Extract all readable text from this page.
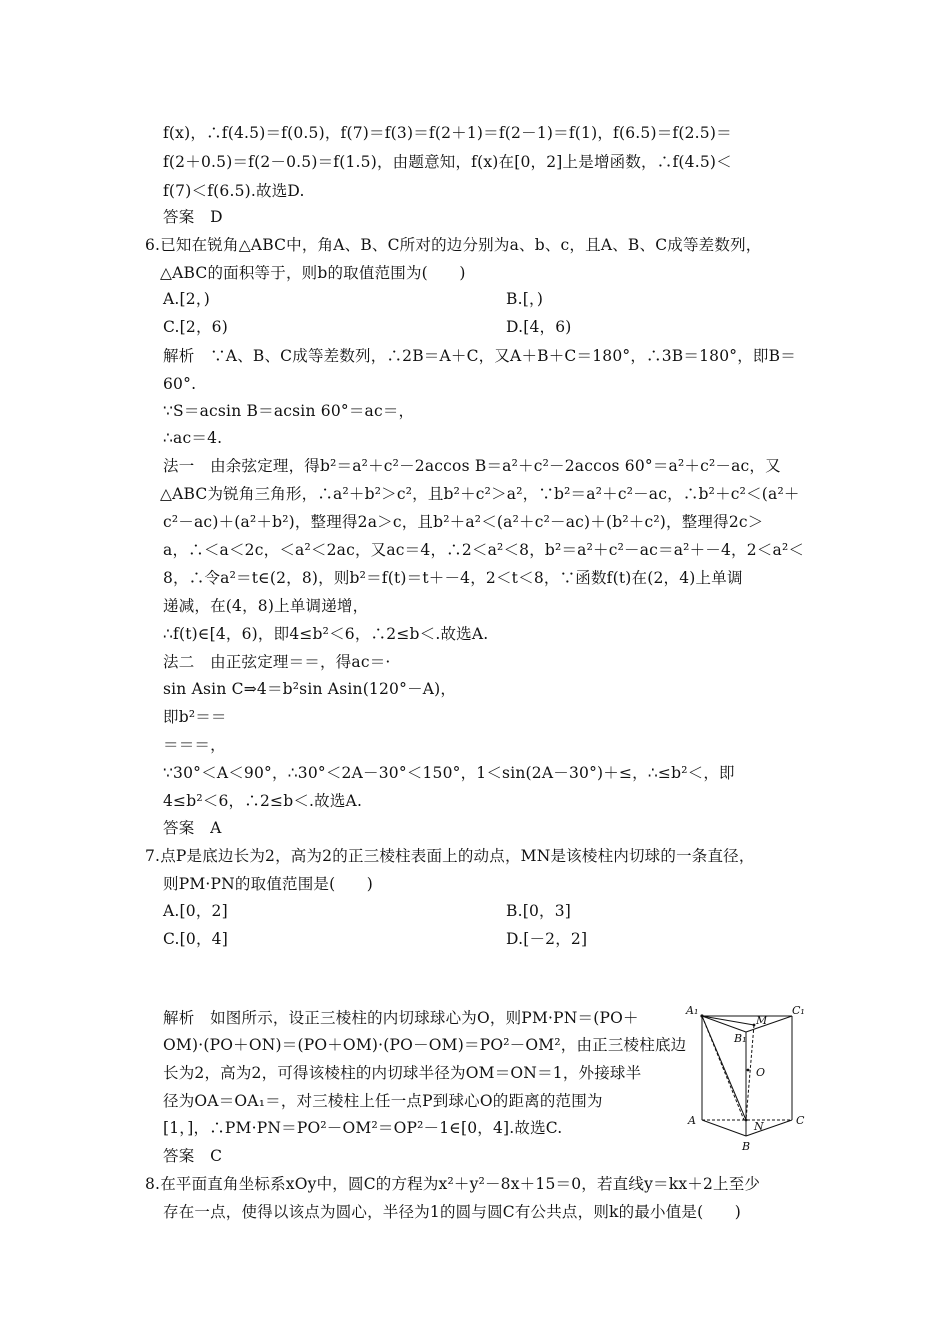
f(x)，∴f(4.5)＝f(0.5)，f(7)＝f(3)＝f(2＋1)＝f(2－1)＝f(1)，f(6.5)＝f(2.5)＝
f(2＋0.5)＝f(2－0.5)＝f(1.5)，由题意知，f(x)在[0，2]上是增函数，∴f(4.5)＜
f(7)＜f(6.5).故选D.
答案　D
6.已知在锐角△ABC中，角A、B、C所对的边分别为a、b、c，且A、B、C成等差数列，
△ABC的面积等于，则b的取值范围为(　　)
A.[2，)	B.[，)
C.[2，6)	D.[4，6)
解析　∵A、B、C成等差数列，∴2B＝A＋C，又A＋B＋C＝180°，∴3B＝180°，即B＝
60°.
∵S＝acsin B＝acsin 60°＝ac＝，
∴ac＝4.
法一　由余弦定理，得b²＝a²＋c²－2accos B＝a²＋c²－2accos 60°＝a²＋c²－ac，又
△ABC为锐角三角形，∴a²＋b²＞c²，且b²＋c²＞a²，∵b²＝a²＋c²－ac，∴b²＋c²＜(a²＋
c²－ac)＋(a²＋b²)，整理得2a＞c，且b²＋a²＜(a²＋c²－ac)＋(b²＋c²)，整理得2c＞
a，∴＜a＜2c，＜a²＜2ac，又ac＝4，∴2＜a²＜8，b²＝a²＋c²－ac＝a²＋－4，2＜a²＜
8，∴令a²＝t∈(2，8)，则b²＝f(t)＝t＋－4，2＜t＜8，∵函数f(t)在(2，4)上单调
递减，在(4，8)上单调递增，
∴f(t)∈[4，6)，即4≤b²＜6，∴2≤b＜.故选A.
法二　由正弦定理＝＝，得ac＝·
sin Asin C⇒4＝b²sin Asin(120°－A)，
即b²＝＝
＝＝＝，
∵30°＜A＜90°，∴30°＜2A－30°＜150°，1＜sin(2A－30°)＋≤，∴≤b²＜，即
4≤b²＜6，∴2≤b＜.故选A.
答案　A
7.点P是底边长为2，高为2的正三棱柱表面上的动点，MN是该棱柱内切球的一条直径，
则PM·PN的取值范围是(　　)
A.[0，2]	B.[0，3]
C.[0，4]	D.[－2，2]
解析　如图所示，设正三棱柱的内切球球心为O，则PM·PN＝(PO＋
OM)·(PO＋ON)＝(PO＋OM)·(PO－OM)＝PO²－OM²，由正三棱柱底边
长为2，高为2，可得该棱柱的内切球半径为OM＝ON＝1，外接球半
径为OA＝OA₁＝，对三棱柱上任一点P到球心O的距离的范围为
[1，]，∴PM·PN＝PO²－OM²＝OP²－1∈[0，4].故选C.
答案　C
8.在平面直角坐标系xOy中，圆C的方程为x²＋y²－8x＋15＝0，若直线y＝kx＋2上至少
存在一点，使得以该点为圆心，半径为1的圆与圆C有公共点，则k的最小值是(　　)
A₁	C₁
M
B₁
O
A	C
N
B
